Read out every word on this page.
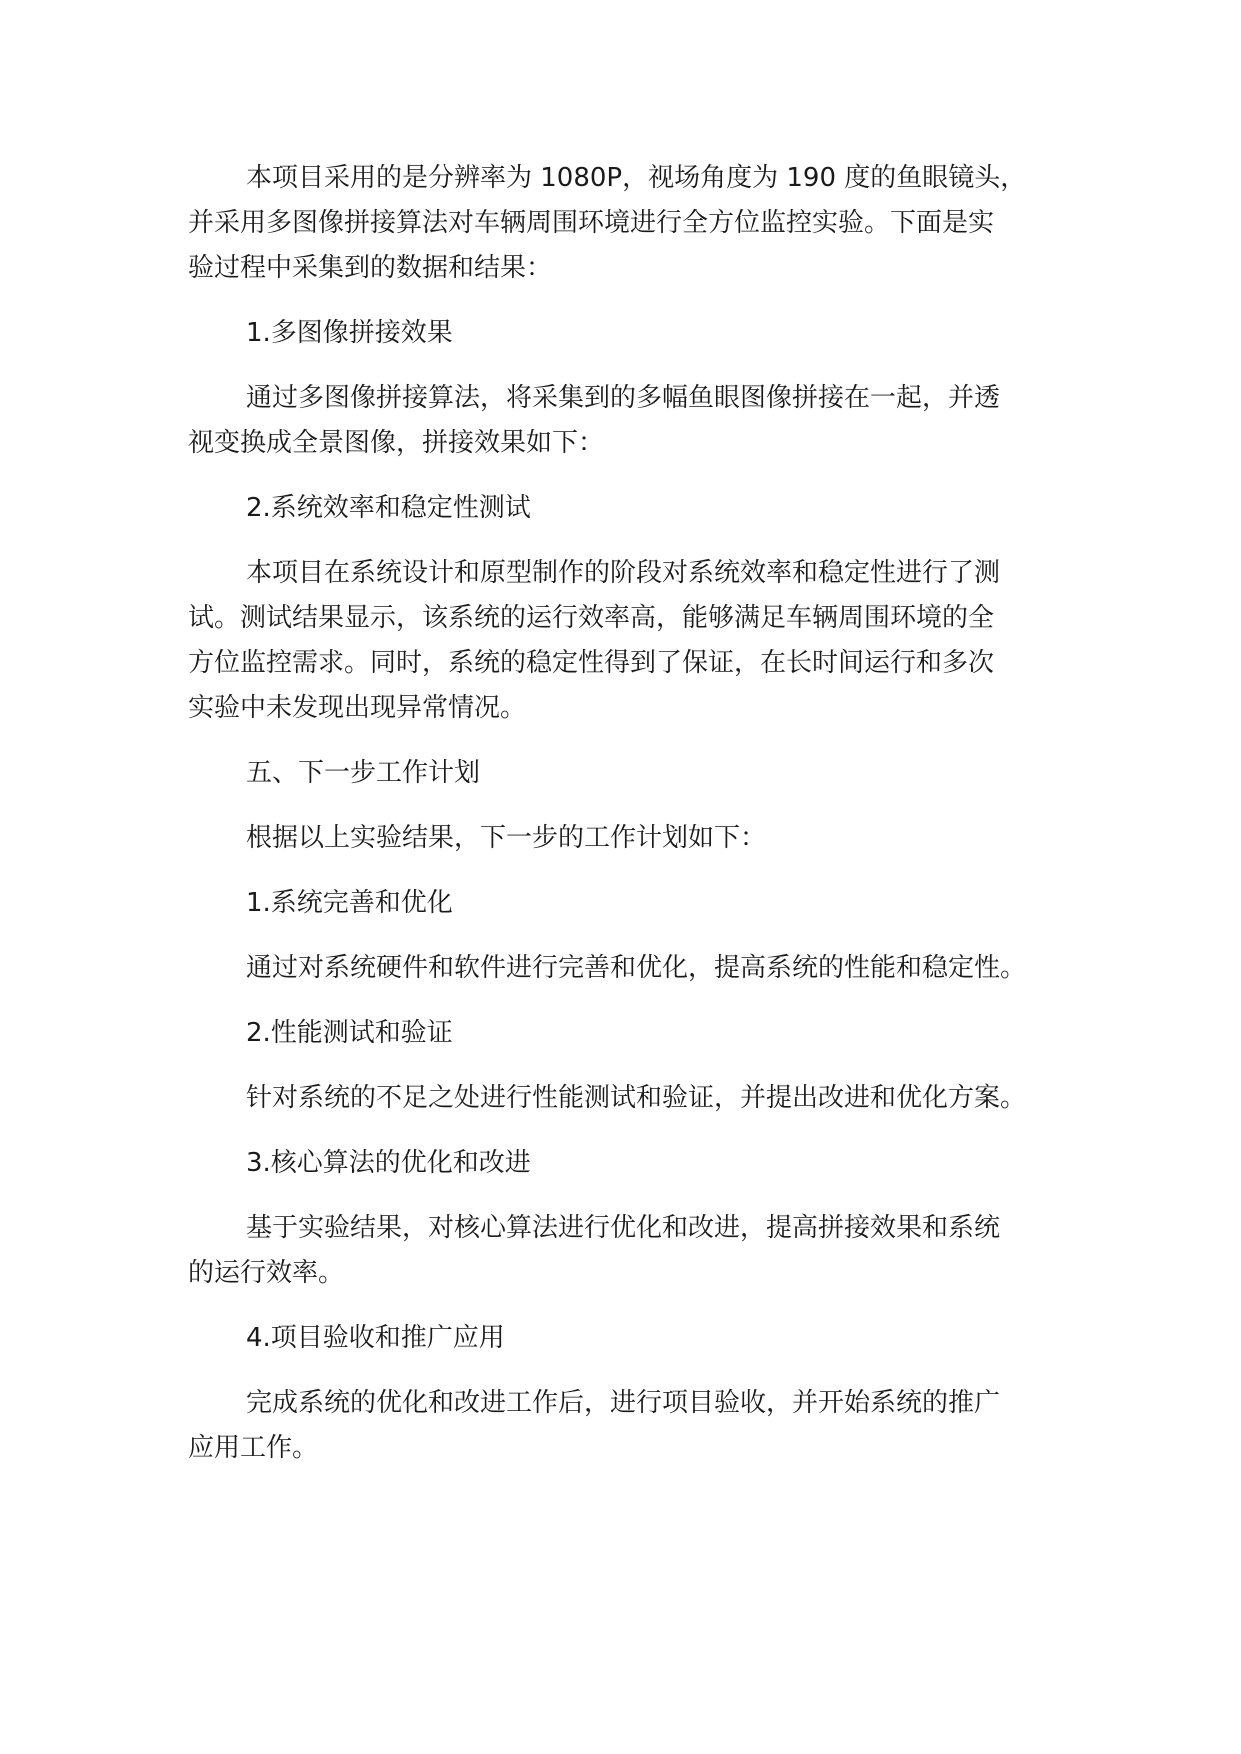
本项目采用的是分辨率为 1080P，视场角度为 190 度的鱼眼镜头，
并采用多图像拼接算法对车辆周围环境进行全方位监控实验。下面是实
验过程中采集到的数据和结果：
1.多图像拼接效果
通过多图像拼接算法，将采集到的多幅鱼眼图像拼接在一起，并透
视变换成全景图像，拼接效果如下：
2.系统效率和稳定性测试
本项目在系统设计和原型制作的阶段对系统效率和稳定性进行了测
试。测试结果显示，该系统的运行效率高，能够满足车辆周围环境的全
方位监控需求。同时，系统的稳定性得到了保证，在长时间运行和多次
实验中未发现出现异常情况。
五、下一步工作计划
根据以上实验结果，下一步的工作计划如下：
1.系统完善和优化
通过对系统硬件和软件进行完善和优化，提高系统的性能和稳定性。
2.性能测试和验证
针对系统的不足之处进行性能测试和验证，并提出改进和优化方案。
3.核心算法的优化和改进
基于实验结果，对核心算法进行优化和改进，提高拼接效果和系统
的运行效率。
4.项目验收和推广应用
完成系统的优化和改进工作后，进行项目验收，并开始系统的推广
应用工作。
